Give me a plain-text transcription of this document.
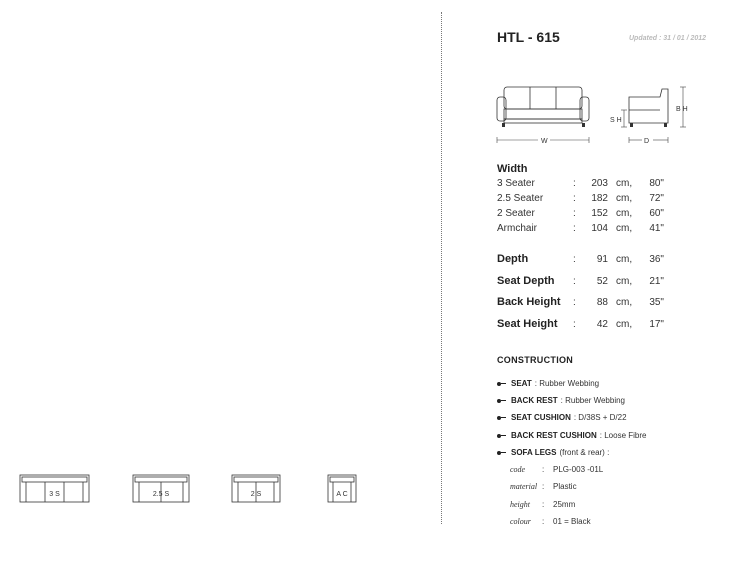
HTL - 615	Updated : 31 / 01 / 2012
W	D
S H
B H
Width
3 Seater	:	203 cm, 80"
2.5 Seater	:	182 cm, 72"
2 Seater	:	152 cm, 60"
Armchair	:	104 cm, 41"
Depth	:	91 cm, 36"
Seat Depth :	52 cm, 21"
Back Height :	88 cm, 35"
Seat Height :	42 cm, 17"
CONSTRUCTION
SEAT : Rubber Webbing
BACK REST : Rubber Webbing
SEAT CUSHION : D/38S + D/22
BACK REST CUSHION : Loose Fibre
SOFA LEGS (front & rear) :
code : PLG-003 -01L
material : Plastic
height : 25mm
colour : 01 = Black
3 S	2.5 S	2 S	A C
